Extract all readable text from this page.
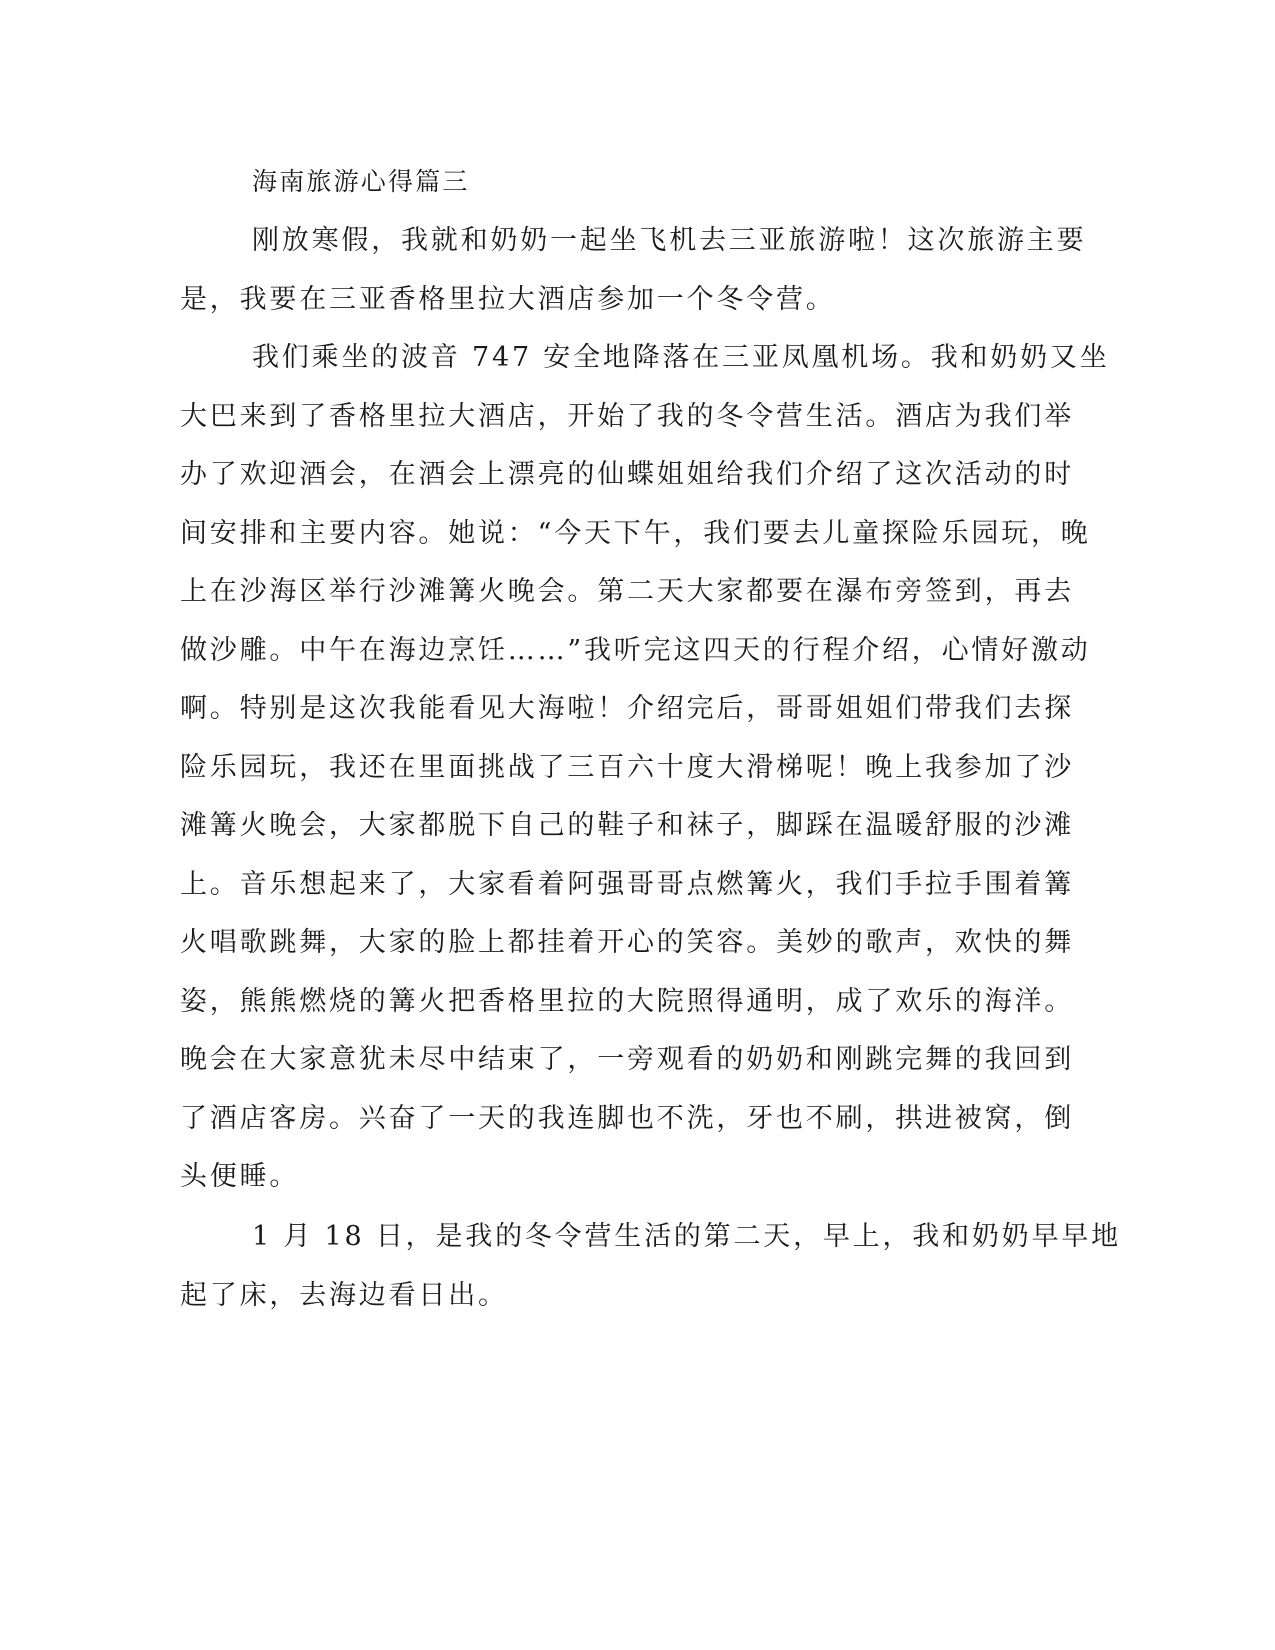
海南旅游心得篇三
刚放寒假，我就和奶奶一起坐飞机去三亚旅游啦！这次旅游主要
是，我要在三亚香格里拉大酒店参加一个冬令营。
我们乘坐的波音 747 安全地降落在三亚凤凰机场。我和奶奶又坐
大巴来到了香格里拉大酒店，开始了我的冬令营生活。酒店为我们举
办了欢迎酒会，在酒会上漂亮的仙蝶姐姐给我们介绍了这次活动的时
间安排和主要内容。她说：“今天下午，我们要去儿童探险乐园玩，晚
上在沙海区举行沙滩篝火晚会。第二天大家都要在瀑布旁签到，再去
做沙雕。中午在海边烹饪……”我听完这四天的行程介绍，心情好激动
啊。特别是这次我能看见大海啦！介绍完后，哥哥姐姐们带我们去探
险乐园玩，我还在里面挑战了三百六十度大滑梯呢！晚上我参加了沙
滩篝火晚会，大家都脱下自己的鞋子和袜子，脚踩在温暖舒服的沙滩
上。音乐想起来了，大家看着阿强哥哥点燃篝火，我们手拉手围着篝
火唱歌跳舞，大家的脸上都挂着开心的笑容。美妙的歌声，欢快的舞
姿，熊熊燃烧的篝火把香格里拉的大院照得通明，成了欢乐的海洋。
晚会在大家意犹未尽中结束了，一旁观看的奶奶和刚跳完舞的我回到
了酒店客房。兴奋了一天的我连脚也不洗，牙也不刷，拱进被窝，倒
头便睡。
1 月 18 日，是我的冬令营生活的第二天，早上，我和奶奶早早地
起了床，去海边看日出。
